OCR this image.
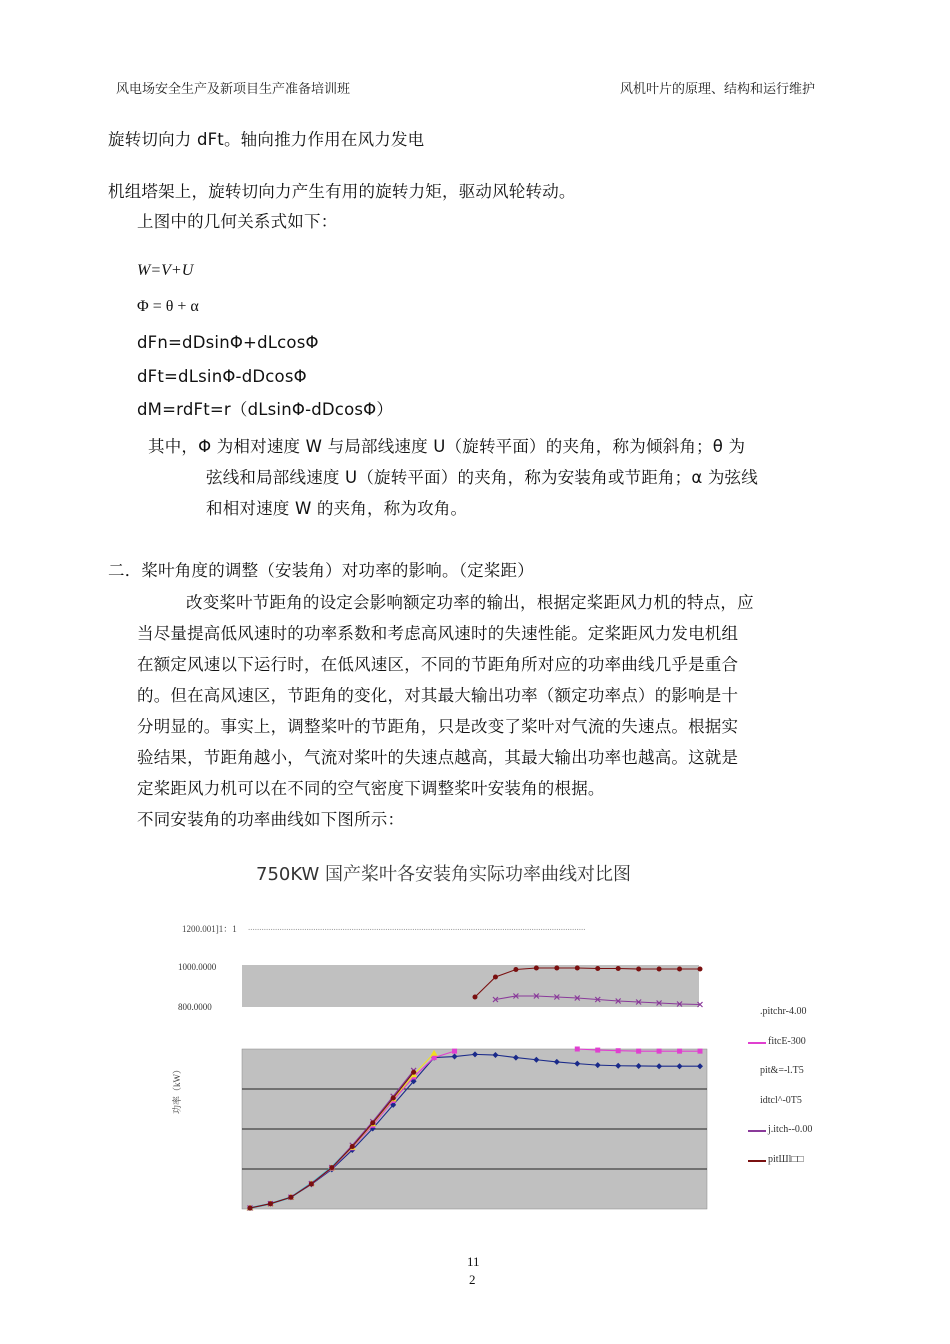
风电场安全生产及新项目生产准备培训班	风机叶片的原理、结构和运行维护
旋转切向力 dFt。轴向推力作用在风力发电
机组塔架上，旋转切向力产生有用的旋转力矩，驱动风轮转动。
上图中的几何关系式如下：
W=V+U
Φ = θ + α
dFn=dDsinΦ+dLcosΦ
dFt=dLsinΦ-dDcosΦ
dM=rdFt=r（dLsinΦ-dDcosΦ）
其中，Φ 为相对速度 W 与局部线速度 U（旋转平面）的夹角，称为倾斜角；θ 为
弦线和局部线速度 U（旋转平面）的夹角，称为安装角或节距角；α 为弦线
和相对速度 W 的夹角，称为攻角。
二．桨叶角度的调整（安装角）对功率的影响。（定桨距）
改变桨叶节距角的设定会影响额定功率的输出，根据定桨距风力机的特点，应
当尽量提高低风速时的功率系数和考虑高风速时的失速性能。定桨距风力发电机组
在额定风速以下运行时，在低风速区，不同的节距角所对应的功率曲线几乎是重合
的。但在高风速区，节距角的变化，对其最大输出功率（额定功率点）的影响是十
分明显的。事实上，调整桨叶的节距角，只是改变了桨叶对气流的失速点。根据实
验结果，节距角越小，气流对桨叶的失速点越高，其最大输出功率也越高。这就是
定桨距风力机可以在不同的空气密度下调整桨叶安装角的根据。
不同安装角的功率曲线如下图所示：
750KW 国产桨叶各安装角实际功率曲线对比图
1200.001]1：1 ......................................................................................................................................................
功率（kW）
1000.0000
800.0000	.pitchr-4.00
fitcE-300
pit&=-l.T5
idtcl^-0T5
j.itch--0.00
pitШl□□
11
2
